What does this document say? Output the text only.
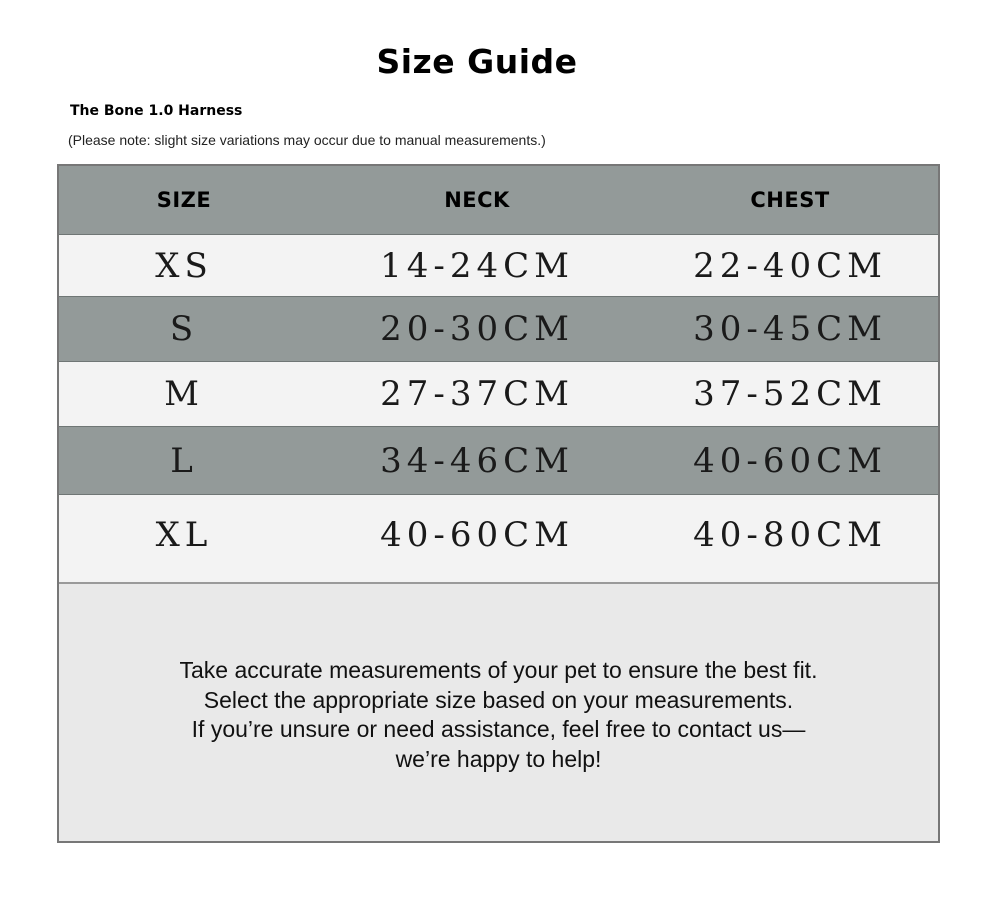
Size Guide
The Bone 1.0 Harness
(Please note: slight size variations may occur due to manual measurements.)
SIZE	NECK	CHEST
XS	14-24CM	22-40CM
S	20-30CM	30-45CM
M	27-37CM	37-52CM
L	34-46CM	40-60CM
XL	40-60CM	40-80CM
Take accurate measurements of your pet to ensure the best fit.
Select the appropriate size based on your measurements.
If you’re unsure or need assistance, feel free to contact us—
we’re happy to help!
